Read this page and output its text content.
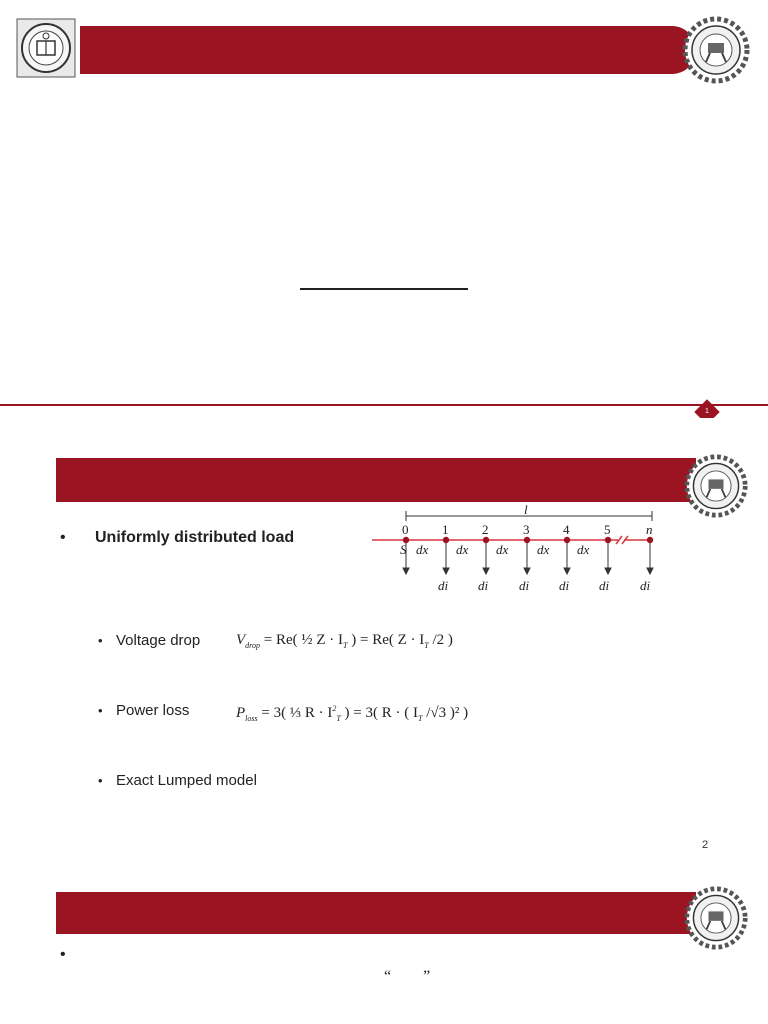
1
• Uniformly distributed load
l
0	1	2	3	4	5	n
S dx dx dx dx dx
di di di di di di
• Voltage drop $V_{drop} = Re$( ½ $Z \cdot I_T$ ) = Re( $Z \cdot I_T$ /2 )
• Power loss	$P_{loss} = 3$( ⅓ $R \cdot I^2_T$ ) = 3( R · ( $I_T$ /√3 )² )
• Exact Lumped model
2
•
“        ”
